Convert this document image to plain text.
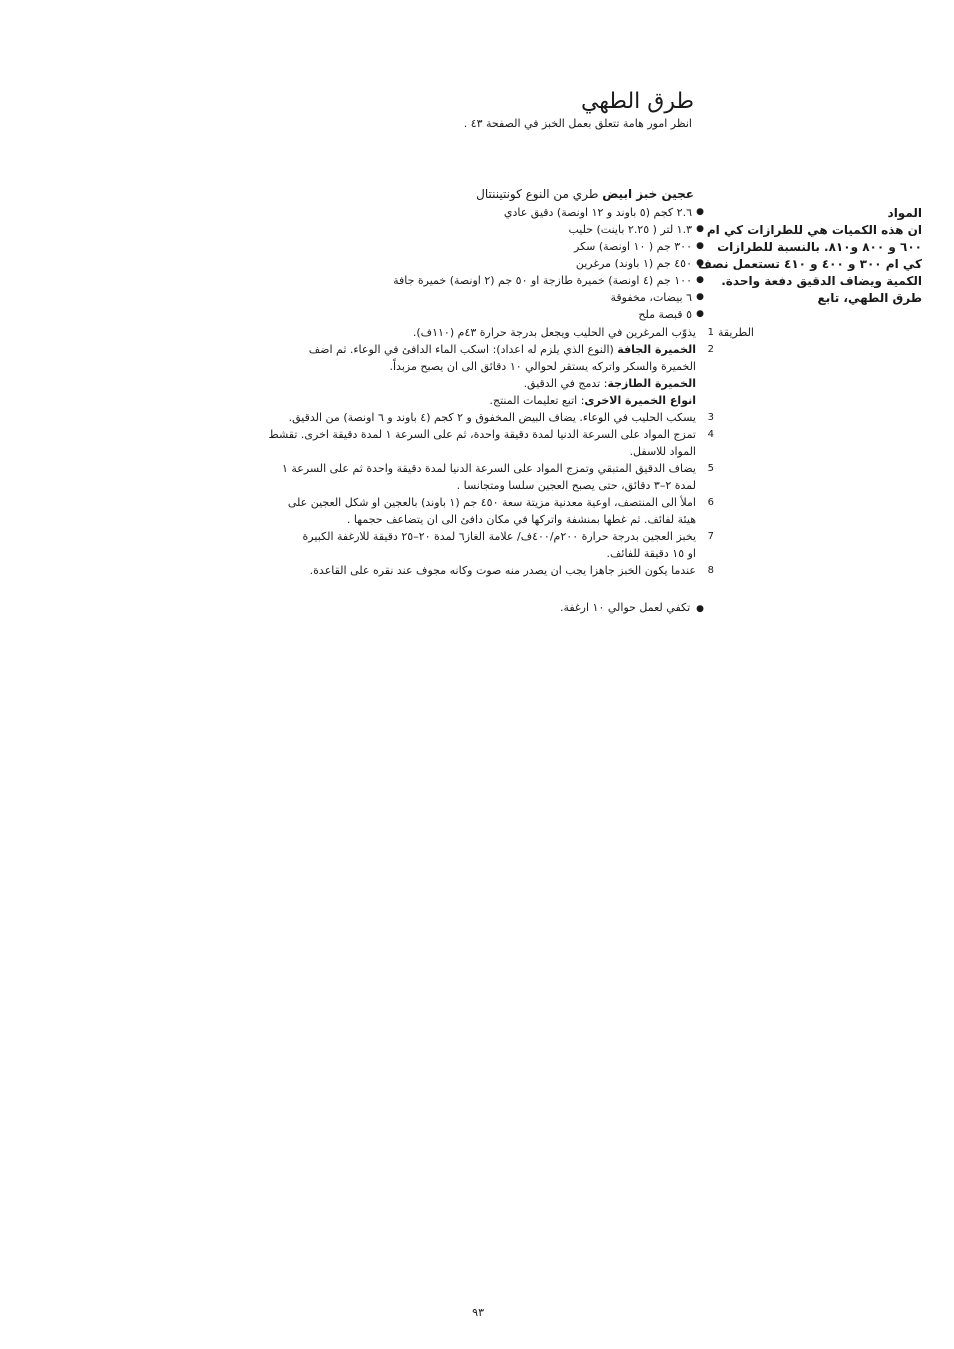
طرق الطهي
انظر امور هامة تتعلق بعمل الخبز في الصفحة ٤٣ .
عجين خبز ابيض طري من النوع كونتيننتال
● ٢.٦ كجم (٥ باوند و ١٢ اونصة) دقيق عادي
● ١.٣ لتر ( ٢.٢٥ باينت) حليب
● ٣٠٠ جم ( ١٠ اونصة) سكر
● ٤٥٠ جم (١ باوند) مرغرين
● ١٠٠ جم (٤ اونصة) خميرة طازجة او ٥٠ جم (٢ اونصة) خميرة جافة
● ٦ بيضات، مخفوقة
● ٥ قبصة ملح
المواد
ان هذه الكميات هي للطرازات كي ام
٦٠٠ و ٨٠٠ و٨١٠. بالنسبة للطرازات
كي ام ٣٠٠ و ٤٠٠ و ٤١٠ تستعمل نصف
الكمية ويضاف الدقيق دفعة واحدة.
طرق الطهي، تابع
الطريقة
1
يذوّب المرغرين في الحليب ويجعل بدرجة حرارة ٤٣م (١١٠ف).
2
الخميرة الجافة (النوع الذي يلزم له اعداد): اسكب الماء الدافئ في الوعاء. ثم اضف
الخميرة والسكر واتركه يستقر لحوالي ١٠ دقائق الى ان يصبح مزبداً.
الخميرة الطازجة: تدمج في الدقيق.
انواع الخميرة الاخرى: اتبع تعليمات المنتج.
3
يسكب الحليب في الوعاء. يضاف البيض المخفوق و ٢ كجم (٤ باوند و ٦ اونصة) من الدقيق.
4
تمزج المواد على السرعة الدنيا لمدة دقيقة واحدة، ثم على السرعة ١ لمدة دقيقة اخرى. تقشط
المواد للاسفل.
5
يضاف الدقيق المتبقي وتمزج المواد على السرعة الدنيا لمدة دقيقة واحدة ثم على السرعة ١
لمدة ٢–٣ دقائق، حتى يصبح العجين سلسا ومتجانسا .
6
املأ الى المنتصف، اوعية معدنية مزيتة سعة ٤٥٠ جم (١ باوند) بالعجين او شكل العجين على
هيئة لفائف. ثم غطها بمنشفة واتركها في مكان دافئ الى ان يتضاعف حجمها .
7
يخبز العجين بدرجة حرارة ٢٠٠م/٤٠٠ف/ علامة الغاز٦ لمدة ٢٠–٢٥ دقيقة للارغفة الكبيرة
او ١٥ دقيقة للفائف.
8
عندما يكون الخبز جاهزا يجب ان يصدر منه صوت وكانه مجوف عند نقره على القاعدة.
●تكفي لعمل حوالي ١٠ ارغفة.
٩٣
